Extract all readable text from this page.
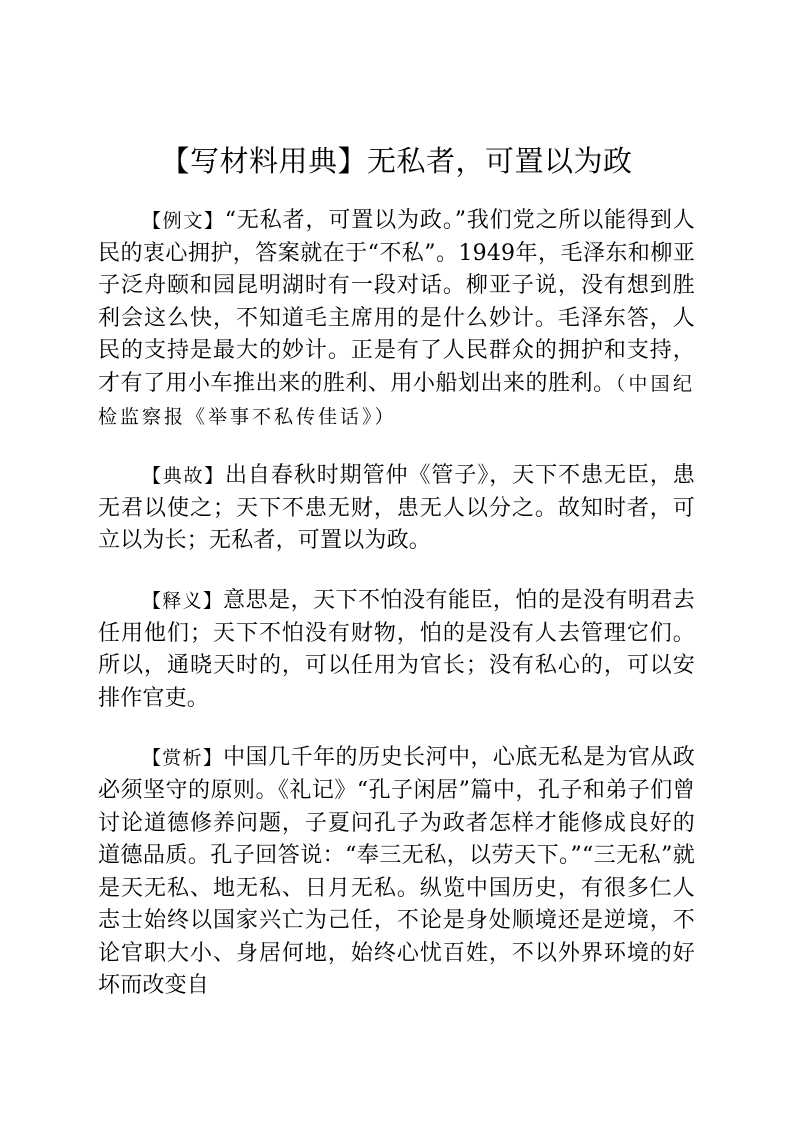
【写材料用典】无私者，可置以为政

【例文】“无私者，可置以为政。”我们党之所以能得到人民的衷心拥护，答案就在于“不私”。1949年，毛泽东和柳亚子泛舟颐和园昆明湖时有一段对话。柳亚子说，没有想到胜利会这么快，不知道毛主席用的是什么妙计。毛泽东答，人民的支持是最大的妙计。正是有了人民群众的拥护和支持，才有了用小车推出来的胜利、用小船划出来的胜利。（中国纪检监察报《举事不私传佳话》）

【典故】出自春秋时期管仲《管子》，天下不患无臣，患无君以使之；天下不患无财，患无人以分之。故知时者，可立以为长；无私者，可置以为政。

【释义】意思是，天下不怕没有能臣，怕的是没有明君去任用他们；天下不怕没有财物，怕的是没有人去管理它们。所以，通晓天时的，可以任用为官长；没有私心的，可以安排作官吏。

【赏析】中国几千年的历史长河中，心底无私是为官从政必须坚守的原则。《礼记》“孔子闲居”篇中，孔子和弟子们曾讨论道德修养问题，子夏问孔子为政者怎样才能修成良好的道德品质。孔子回答说：“奉三无私，以劳天下。”“三无私”就是天无私、地无私、日月无私。纵览中国历史，有很多仁人志士始终以国家兴亡为己任，不论是身处顺境还是逆境，不论官职大小、身居何地，始终心忧百姓，不以外界环境的好坏而改变自
